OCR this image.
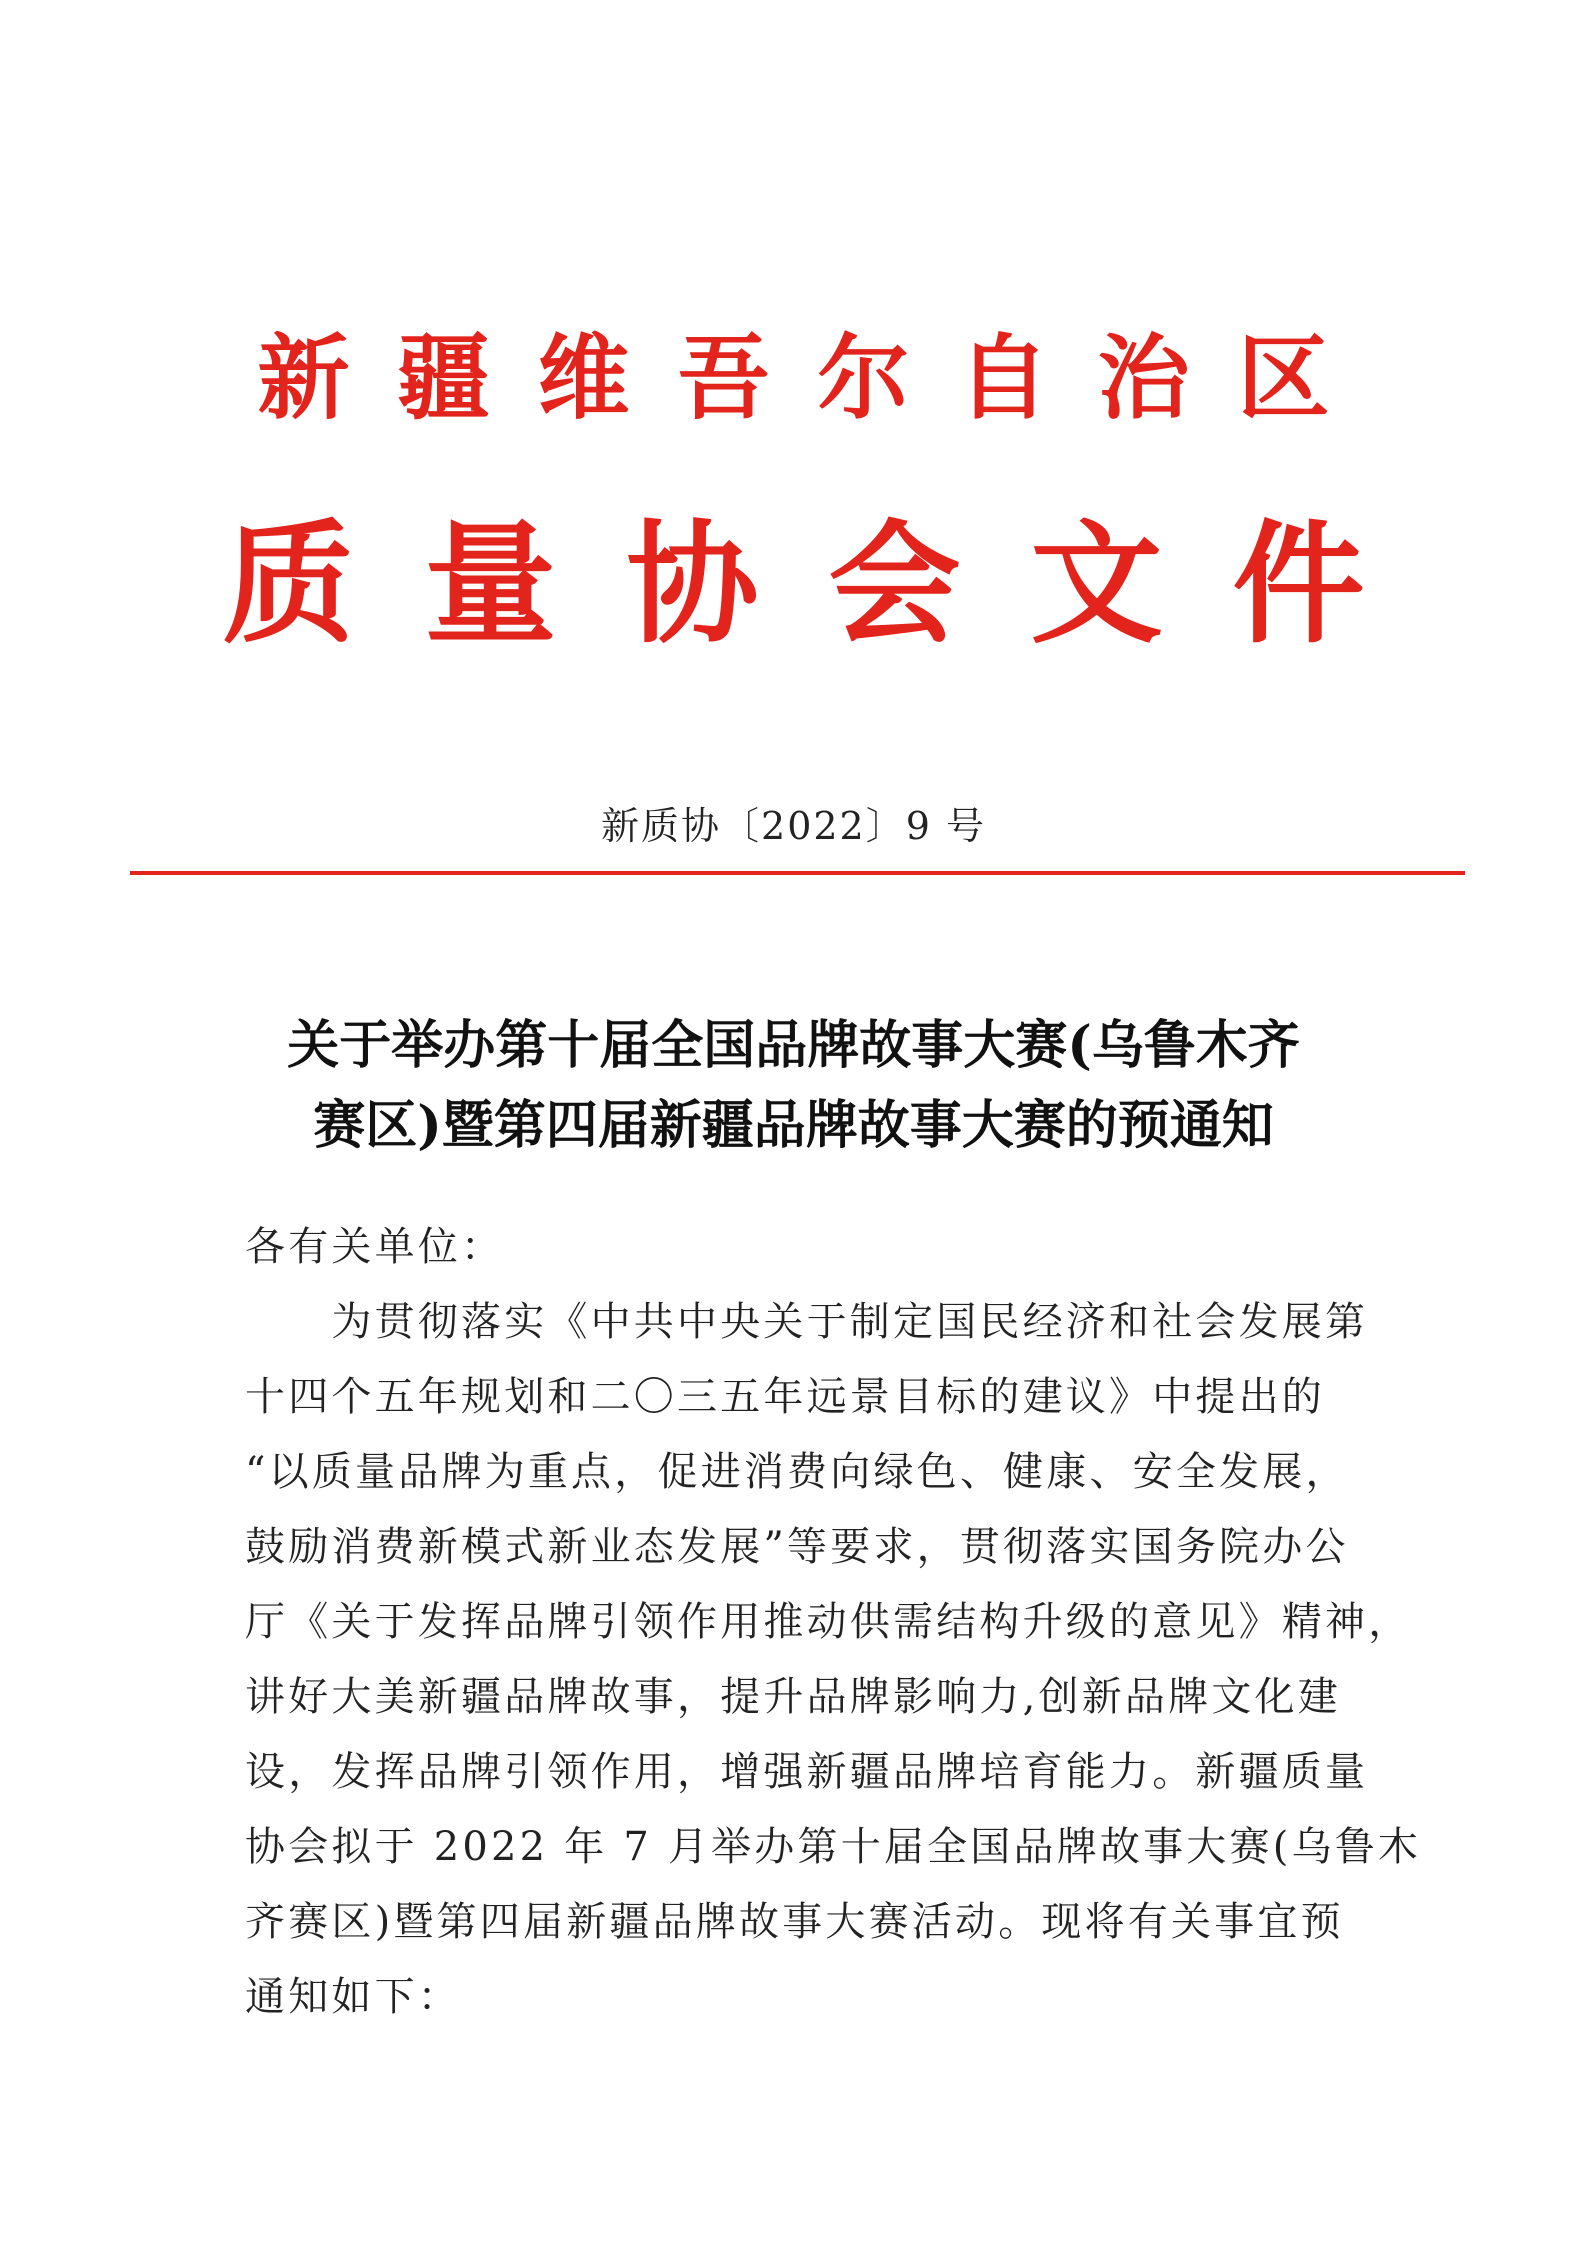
新疆维吾尔自治区
质量协会文件
新质协〔2022〕9 号
关于举办第十届全国品牌故事大赛(乌鲁木齐
赛区)暨第四届新疆品牌故事大赛的预通知
各有关单位：
　　为贯彻落实《中共中央关于制定国民经济和社会发展第
十四个五年规划和二〇三五年远景目标的建议》中提出的
“以质量品牌为重点，促进消费向绿色、健康、安全发展，
鼓励消费新模式新业态发展”等要求，贯彻落实国务院办公
厅《关于发挥品牌引领作用推动供需结构升级的意见》精神，
讲好大美新疆品牌故事，提升品牌影响力,创新品牌文化建
设，发挥品牌引领作用，增强新疆品牌培育能力。新疆质量
协会拟于 2022 年 7 月举办第十届全国品牌故事大赛(乌鲁木
齐赛区)暨第四届新疆品牌故事大赛活动。现将有关事宜预
通知如下：
